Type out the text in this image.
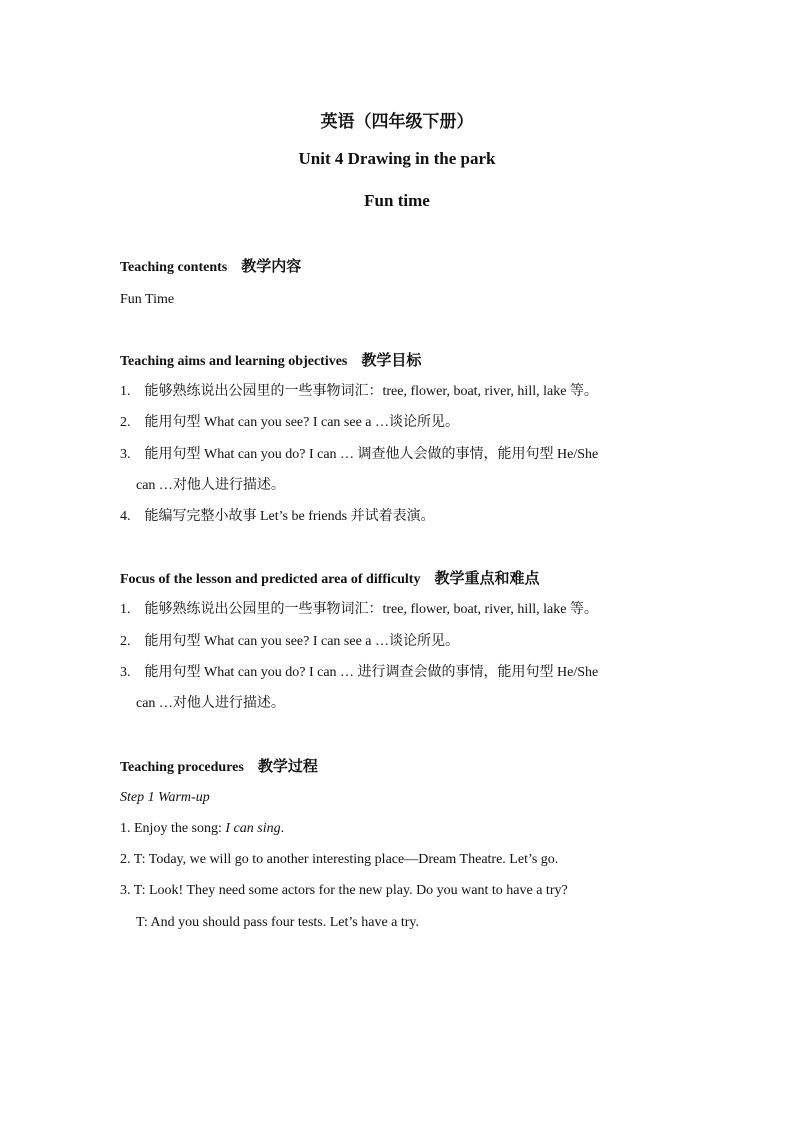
英语（四年级下册）
Unit 4 Drawing in the park
Fun time
Teaching contents 教学内容
Fun Time
Teaching aims and learning objectives 教学目标
1. 能够熟练说出公园里的一些事物词汇：tree, flower, boat, river, hill, lake 等。
2. 能用句型 What can you see? I can see a …谈论所见。
3. 能用句型 What can you do? I can … 调查他人会做的事情，能用句型 He/She
can …对他人进行描述。
4. 能编写完整小故事 Let’s be friends 并试着表演。
Focus of the lesson and predicted area of difficulty 教学重点和难点
1. 能够熟练说出公园里的一些事物词汇：tree, flower, boat, river, hill, lake 等。
2. 能用句型 What can you see? I can see a …谈论所见。
3. 能用句型 What can you do? I can … 进行调查会做的事情，能用句型 He/She
can …对他人进行描述。
Teaching procedures 教学过程
Step 1 Warm-up
1. Enjoy the song: I can sing.
2. T: Today, we will go to another interesting place—Dream Theatre. Let’s go.
3. T: Look! They need some actors for the new play. Do you want to have a try?
T: And you should pass four tests. Let’s have a try.
